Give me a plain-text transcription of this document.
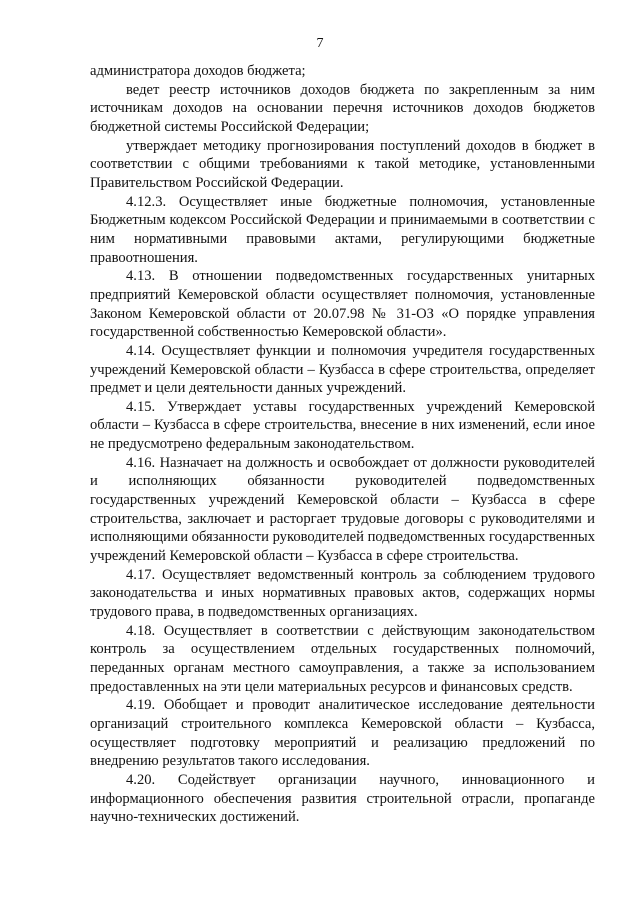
7

администратора доходов бюджета;

ведет реестр источников доходов бюджета по закрепленным за ним источникам доходов на основании перечня источников доходов бюджетов бюджетной системы Российской Федерации;

утверждает методику прогнозирования поступлений доходов в бюджет в соответствии с общими требованиями к такой методике, установленными Правительством Российской Федерации.

4.12.3. Осуществляет иные бюджетные полномочия, установленные Бюджетным кодексом Российской Федерации и принимаемыми в соответствии с ним нормативными правовыми актами, регулирующими бюджетные правоотношения.

4.13. В отношении подведомственных государственных унитарных предприятий Кемеровской области осуществляет полномочия, установленные Законом Кемеровской области от 20.07.98 № 31-ОЗ «О порядке управления государственной собственностью Кемеровской области».

4.14. Осуществляет функции и полномочия учредителя государственных учреждений Кемеровской области – Кузбасса в сфере строительства, определяет предмет и цели деятельности данных учреждений.

4.15. Утверждает уставы государственных учреждений Кемеровской области – Кузбасса в сфере строительства, внесение в них изменений, если иное не предусмотрено федеральным законодательством.

4.16. Назначает на должность и освобождает от должности руководителей и исполняющих обязанности руководителей подведомственных государственных учреждений Кемеровской области – Кузбасса в сфере строительства, заключает и расторгает трудовые договоры с руководителями и исполняющими обязанности руководителей подведомственных государственных учреждений Кемеровской области – Кузбасса в сфере строительства.

4.17. Осуществляет ведомственный контроль за соблюдением трудового законодательства и иных нормативных правовых актов, содержащих нормы трудового права, в подведомственных организациях.

4.18. Осуществляет в соответствии с действующим законодательством контроль за осуществлением отдельных государственных полномочий, переданных органам местного самоуправления, а также за использованием предоставленных на эти цели материальных ресурсов и финансовых средств.

4.19. Обобщает и проводит аналитическое исследование деятельности организаций строительного комплекса Кемеровской области – Кузбасса, осуществляет подготовку мероприятий и реализацию предложений по внедрению результатов такого исследования.

4.20. Содействует организации научного, инновационного и информационного обеспечения развития строительной отрасли, пропаганде научно-технических достижений.
